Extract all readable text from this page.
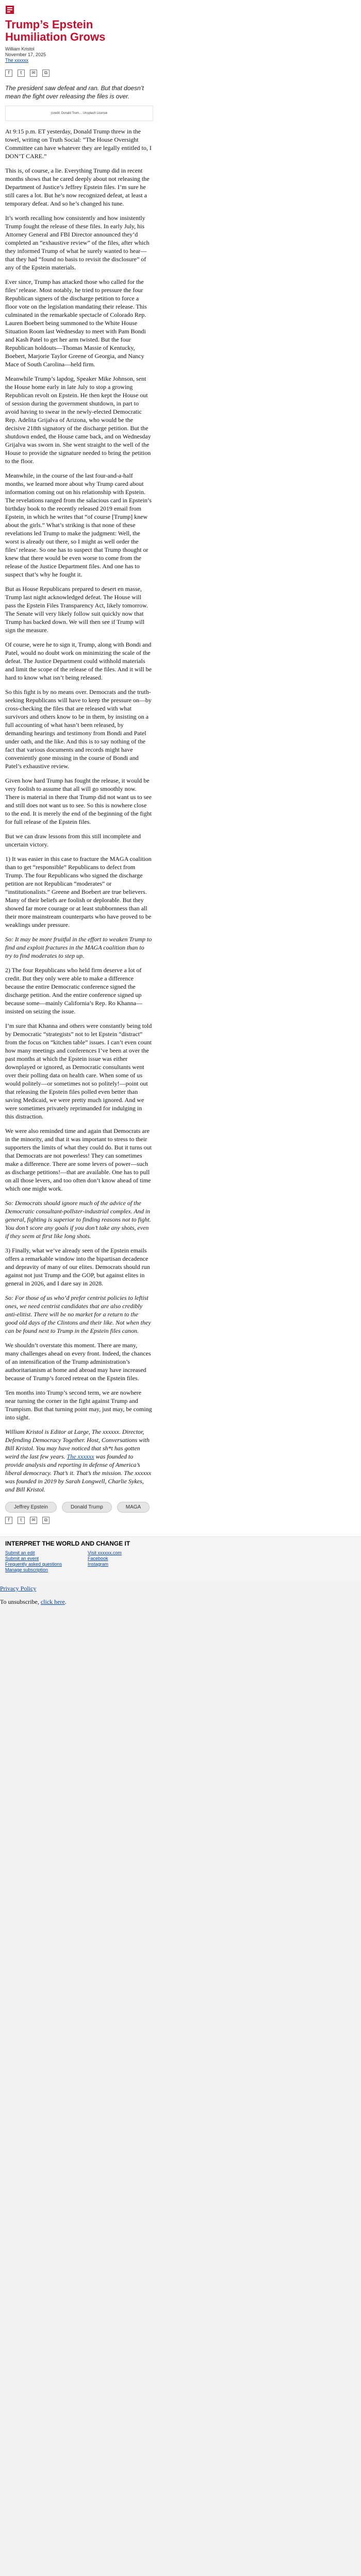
Trump’s Epstein Humiliation Grows
William Kristol
November 17, 2025
The xxxxxx
f	t	✉	⧉

The president saw defeat and ran. But that doesn’t mean the fight over releasing the files is over.

(credit: Donald Trum… Unsplash License

At 9:15 p.m. ET yesterday, Donald Trump threw in the towel, writing on Truth Social: “The House Oversight Committee can have whatever they are legally entitled to, I DON’T CARE.”

This is, of course, a lie. Everything Trump did in recent months shows that he cared deeply about not releasing the Department of Justice’s Jeffrey Epstein files. I’m sure he still cares a lot. But he’s now recognized defeat, at least a temporary defeat. And so he’s changed his tune.

It’s worth recalling how consistently and how insistently Trump fought the release of these files. In early July, his Attorney General and FBI Director announced they’d completed an “exhaustive review” of the files, after which they informed Trump of what he surely wanted to hear—that they had “found no basis to revisit the disclosure” of any of the Epstein materials.

Ever since, Trump has attacked those who called for the files’ release. Most notably, he tried to pressure the four Republican signers of the discharge petition to force a floor vote on the legislation mandating their release. This culminated in the remarkable spectacle of Colorado Rep. Lauren Boebert being summoned to the White House Situation Room last Wednesday to meet with Pam Bondi and Kash Patel to get her arm twisted. But the four Republican holdouts—Thomas Massie of Kentucky, Boebert, Marjorie Taylor Greene of Georgia, and Nancy Mace of South Carolina—held firm.

Meanwhile Trump’s lapdog, Speaker Mike Johnson, sent the House home early in late July to stop a growing Republican revolt on Epstein. He then kept the House out of session during the government shutdown, in part to avoid having to swear in the newly-elected Democratic Rep. Adelita Grijalva of Arizona, who would be the decisive 218th signatory of the discharge petition. But the shutdown ended, the House came back, and on Wednesday Grijalva was sworn in. She went straight to the well of the House to provide the signature needed to bring the petition to the floor.

Meanwhile, in the course of the last four-and-a-half months, we learned more about why Trump cared about information coming out on his relationship with Epstein. The revelations ranged from the salacious card in Epstein’s birthday book to the recently released 2019 email from Epstein, in which he writes that “of course [Trump] knew about the girls.” What’s striking is that none of these revelations led Trump to make the judgment: Well, the worst is already out there, so I might as well order the files’ release. So one has to suspect that Trump thought or knew that there would be even worse to come from the release of the Justice Department files. And one has to suspect that’s why he fought it.

But as House Republicans prepared to desert en masse, Trump last night acknowledged defeat. The House will pass the Epstein Files Transparency Act, likely tomorrow. The Senate will very likely follow suit quickly now that Trump has backed down. We will then see if Trump will sign the measure.

Of course, were he to sign it, Trump, along with Bondi and Patel, would no doubt work on minimizing the scale of the defeat. The Justice Department could withhold materials and limit the scope of the release of the files. And it will be hard to know what isn’t being released.

So this fight is by no means over. Democrats and the truth-seeking Republicans will have to keep the pressure on—by cross-checking the files that are released with what survivors and others know to be in them, by insisting on a full accounting of what hasn’t been released, by demanding hearings and testimony from Bondi and Patel under oath, and the like. And this is to say nothing of the fact that various documents and records might have conveniently gone missing in the course of Bondi and Patel’s exhaustive review.

Given how hard Trump has fought the release, it would be very foolish to assume that all will go smoothly now. There is material in there that Trump did not want us to see and still does not want us to see. So this is nowhere close to the end. It is merely the end of the beginning of the fight for full release of the Epstein files.

But we can draw lessons from this still incomplete and uncertain victory.

1) It was easier in this case to fracture the MAGA coalition than to get “responsible” Republicans to defect from Trump. The four Republicans who signed the discharge petition are not Republican “moderates” or “institutionalists.” Greene and Boebert are true believers. Many of their beliefs are foolish or deplorable. But they showed far more courage or at least stubbornness than all their more mainstream counterparts who have proved to be weaklings under pressure.

So: It may be more fruitful in the effort to weaken Trump to find and exploit fractures in the MAGA coalition than to try to find moderates to step up.

2) The four Republicans who held firm deserve a lot of credit. But they only were able to make a difference because the entire Democratic conference signed the discharge petition. And the entire conference signed up because some—mainly California’s Rep. Ro Khanna—insisted on seizing the issue.

I’m sure that Khanna and others were constantly being told by Democratic “strategists” not to let Epstein “distract” from the focus on “kitchen table” issues. I can’t even count how many meetings and conferences I’ve been at over the past months at which the Epstein issue was either downplayed or ignored, as Democratic consultants went over their polling data on health care. When some of us would politely—or sometimes not so politely!—point out that releasing the Epstein files polled even better than saving Medicaid, we were pretty much ignored. And we were sometimes privately reprimanded for indulging in this distraction.

We were also reminded time and again that Democrats are in the minority, and that it was important to stress to their supporters the limits of what they could do. But it turns out that Democrats are not powerless! They can sometimes make a difference. There are some levers of power—such as discharge petitions!—that are available. One has to pull on all those levers, and too often don’t know ahead of time which one might work.

So: Democrats should ignore much of the advice of the Democratic consultant-pollster-industrial complex. And in general, fighting is superior to finding reasons not to fight. You don’t score any goals if you don’t take any shots, even if they seem at first like long shots.

3) Finally, what we’ve already seen of the Epstein emails offers a remarkable window into the bipartisan decadence and depravity of many of our elites. Democrats should run against not just Trump and the GOP, but against elites in general in 2026, and I dare say in 2028.

So: For those of us who’d prefer centrist policies to leftist ones, we need centrist candidates that are also credibly anti-elitist. There will be no market for a return to the good old days of the Clintons and their like. Not when they can be found next to Trump in the Epstein files canon.

We shouldn’t overstate this moment. There are many, many challenges ahead on every front. Indeed, the chances of an intensification of the Trump administration’s authoritarianism at home and abroad may have increased because of Trump’s forced retreat on the Epstein files.

Ten months into Trump’s second term, we are nowhere near turning the corner in the fight against Trump and Trumpism. But that turning point may, just may, be coming into sight.

William Kristol is Editor at Large, The xxxxxx. Director, Defending Democracy Together. Host, Conversations with Bill Kristol. You may have noticed that sh*t has gotten weird the last few years. The xxxxxx was founded to provide analysis and reporting in defense of America’s liberal democracy. That’s it. That’s the mission. The xxxxxx was founded in 2019 by Sarah Longwell, Charlie Sykes, and Bill Kristol.

Jeffrey Epstein	Donald Trump	MAGA
f	t	✉	⧉
INTERPRET THE WORLD AND CHANGE IT
Submit an edit	Visit xxxxxx.com
Submit an event	Facebook
Frequently asked questions	Instagram
Manage subscription

Privacy Policy

To unsubscribe, click here.
